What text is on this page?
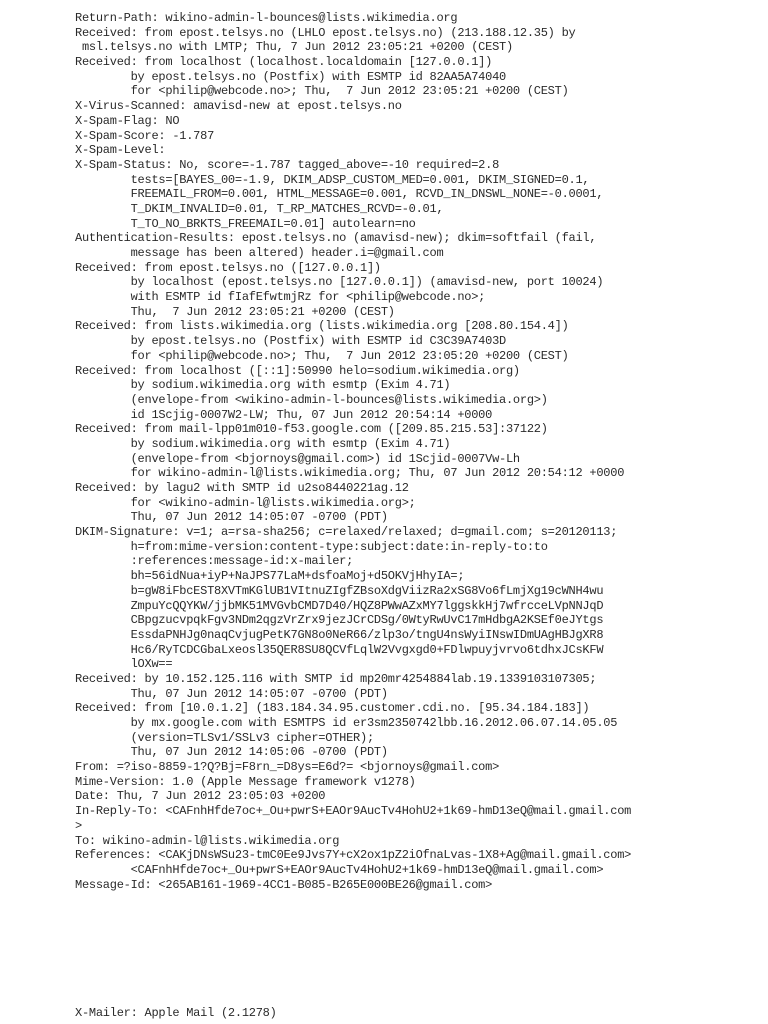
Return-Path: wikino-admin-l-bounces@lists.wikimedia.org
Received: from epost.telsys.no (LHLO epost.telsys.no) (213.188.12.35) by
msl.telsys.no with LMTP; Thu, 7 Jun 2012 23:05:21 +0200 (CEST)
Received: from localhost (localhost.localdomain [127.0.0.1])
by epost.telsys.no (Postfix) with ESMTP id 82AA5A74040
for <philip@webcode.no>; Thu,  7 Jun 2012 23:05:21 +0200 (CEST)
X-Virus-Scanned: amavisd-new at epost.telsys.no
X-Spam-Flag: NO
X-Spam-Score: -1.787
X-Spam-Level:
X-Spam-Status: No, score=-1.787 tagged_above=-10 required=2.8
tests=[BAYES_00=-1.9, DKIM_ADSP_CUSTOM_MED=0.001, DKIM_SIGNED=0.1,
FREEMAIL_FROM=0.001, HTML_MESSAGE=0.001, RCVD_IN_DNSWL_NONE=-0.0001,
T_DKIM_INVALID=0.01, T_RP_MATCHES_RCVD=-0.01,
T_TO_NO_BRKTS_FREEMAIL=0.01] autolearn=no
Authentication-Results: epost.telsys.no (amavisd-new); dkim=softfail (fail,
message has been altered) header.i=@gmail.com
Received: from epost.telsys.no ([127.0.0.1])
by localhost (epost.telsys.no [127.0.0.1]) (amavisd-new, port 10024)
with ESMTP id fIafEfwtmjRz for <philip@webcode.no>;
Thu,  7 Jun 2012 23:05:21 +0200 (CEST)
Received: from lists.wikimedia.org (lists.wikimedia.org [208.80.154.4])
by epost.telsys.no (Postfix) with ESMTP id C3C39A7403D
for <philip@webcode.no>; Thu,  7 Jun 2012 23:05:20 +0200 (CEST)
Received: from localhost ([::1]:50990 helo=sodium.wikimedia.org)
by sodium.wikimedia.org with esmtp (Exim 4.71)
(envelope-from <wikino-admin-l-bounces@lists.wikimedia.org>)
id 1Scjig-0007W2-LW; Thu, 07 Jun 2012 20:54:14 +0000
Received: from mail-lpp01m010-f53.google.com ([209.85.215.53]:37122)
by sodium.wikimedia.org with esmtp (Exim 4.71)
(envelope-from <bjornoys@gmail.com>) id 1Scjid-0007Vw-Lh
for wikino-admin-l@lists.wikimedia.org; Thu, 07 Jun 2012 20:54:12 +0000
Received: by lagu2 with SMTP id u2so8440221ag.12
for <wikino-admin-l@lists.wikimedia.org>;
Thu, 07 Jun 2012 14:05:07 -0700 (PDT)
DKIM-Signature: v=1; a=rsa-sha256; c=relaxed/relaxed; d=gmail.com; s=20120113;
h=from:mime-version:content-type:subject:date:in-reply-to:to
:references:message-id:x-mailer;
bh=56idNua+iyP+NaJPS77LaM+dsfoaMoj+d5OKVjHhyIA=;
b=gW8iFbcEST8XVTmKGlUB1VItnuZIgfZBsoXdgViizRa2xSG8Vo6fLmjXg19cWNH4wu
ZmpuYcQQYKW/jjbMK51MVGvbCMD7D40/HQZ8PWwAZxMY7lggskkHj7wfrcceLVpNNJqD
CBpgzucvpqkFgv3NDm2qgzVrZrx9jezJCrCDSg/0WtyRwUvC17mHdbgA2KSEf0eJYtgs
EssdaPNHJg0naqCvjugPetK7GN8o0NeR66/zlp3o/tngU4nsWyiINswIDmUAgHBJgXR8
Hc6/RyTCDCGbaLxeosl35QER8SU8QCVfLqlW2Vvgxgd0+FDlwpuyjvrvo6tdhxJCsKFW
lOXw==
Received: by 10.152.125.116 with SMTP id mp20mr4254884lab.19.1339103107305;
Thu, 07 Jun 2012 14:05:07 -0700 (PDT)
Received: from [10.0.1.2] (183.184.34.95.customer.cdi.no. [95.34.184.183])
by mx.google.com with ESMTPS id er3sm2350742lbb.16.2012.06.07.14.05.05
(version=TLSv1/SSLv3 cipher=OTHER);
Thu, 07 Jun 2012 14:05:06 -0700 (PDT)
From: =?iso-8859-1?Q?Bj=F8rn_=D8ys=E6d?= <bjornoys@gmail.com>
Mime-Version: 1.0 (Apple Message framework v1278)
Date: Thu, 7 Jun 2012 23:05:03 +0200
In-Reply-To: <CAFnhHfde7oc+_Ou+pwrS+EAOr9AucTv4HohU2+1k69-hmD13eQ@mail.gmail.com
>
To: wikino-admin-l@lists.wikimedia.org
References: <CAKjDNsWSu23-tmC0Ee9Jvs7Y+cX2ox1pZ2iOfnaLvas-1X8+Ag@mail.gmail.com>
<CAFnhHfde7oc+_Ou+pwrS+EAOr9AucTv4HohU2+1k69-hmD13eQ@mail.gmail.com>
Message-Id: <265AB161-1969-4CC1-B085-B265E000BE26@gmail.com>
X-Mailer: Apple Mail (2.1278)
